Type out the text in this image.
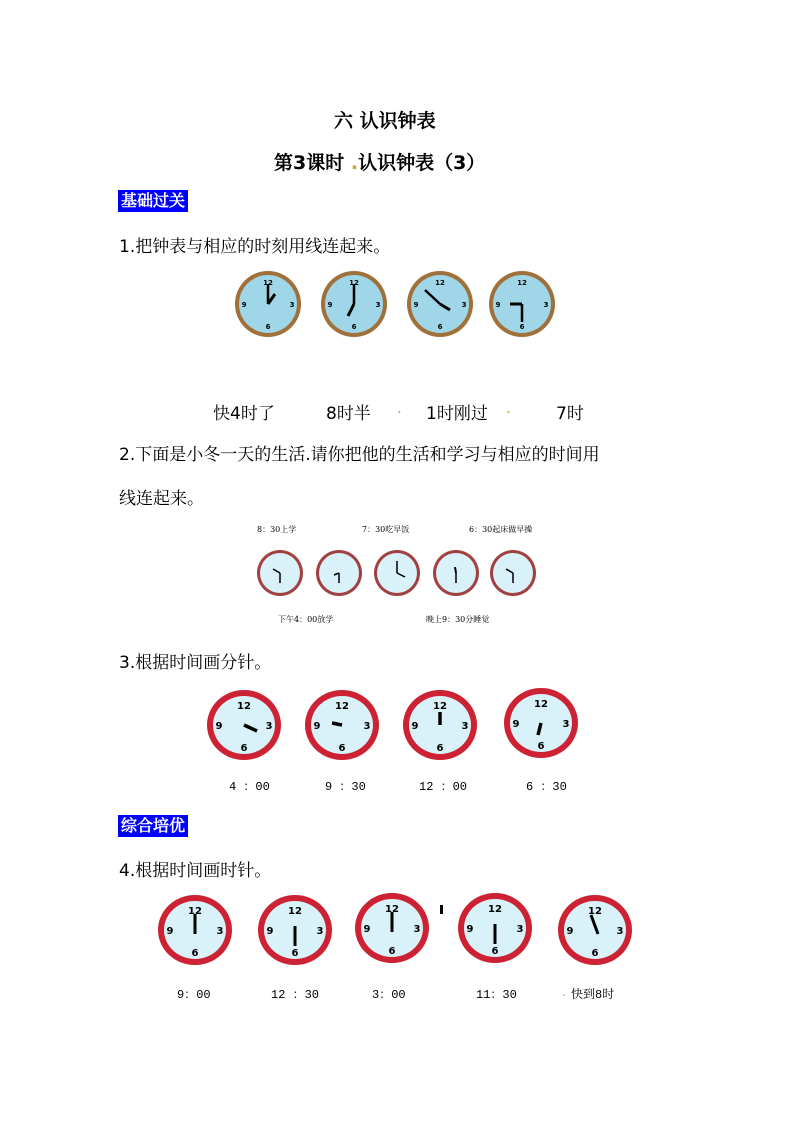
六 认识钟表
第3课时 .认识钟表（3）
基础过关
1.把钟表与相应的时刻用线连起来。
12
3
6
9
12
3
6
9
12
3
6
9
12
3
6
9
快4时了	8时半 . 1时刚过 .	7时
2.下面是小冬一天的生活.请你把他的生活和学习与相应的时间用
线连起来。
8：30上学	7：30吃早饭	6：30起床做早操
下午4：00放学	晚上9：30分睡觉
3.根据时间画分针。
12
3
6
9
12
3
6
9
12
3
6
9
12
3
6
9
4 ：00	9 ：30	12 ：00	6 ：30
综合培优
4.根据时间画时针。
12
3
6
9
12
3
6
9
12
3
6
9
12
3
6
9
12
3
6
9
9：00	12 ：30	3：00	11：30	. 快到8时
